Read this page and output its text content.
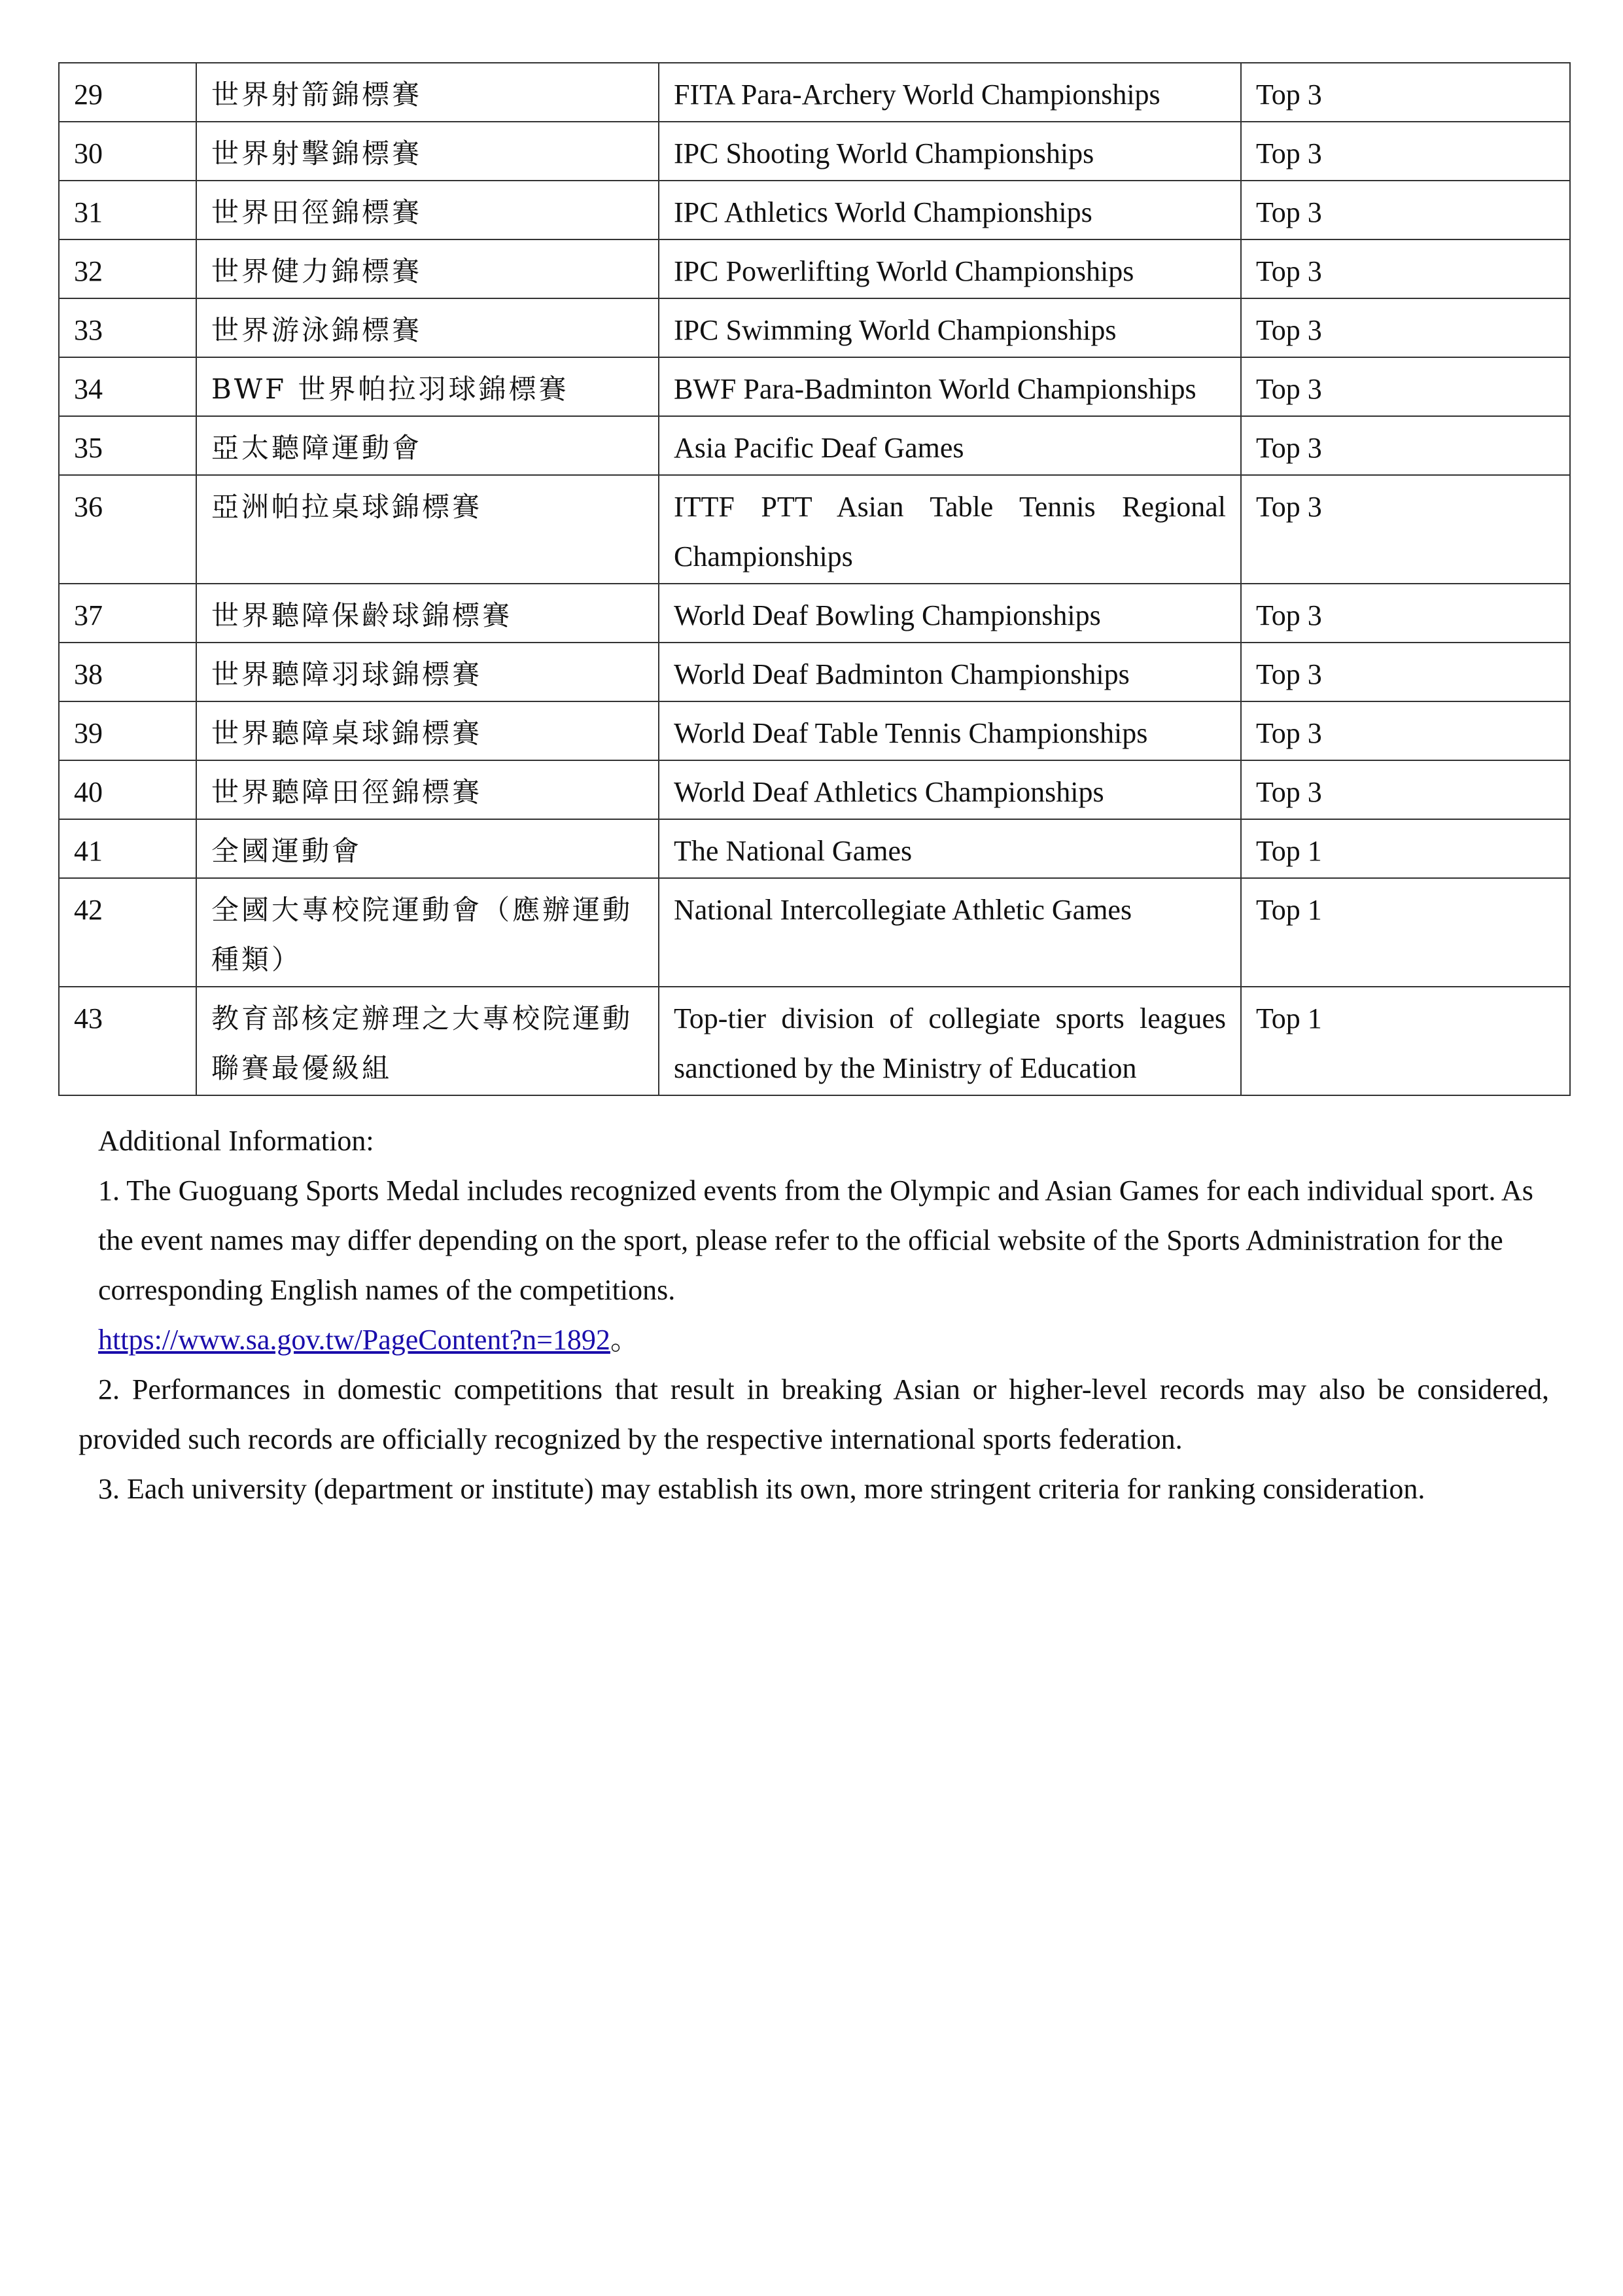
29	世界射箭錦標賽	FITA Para-Archery World Championships	Top 3
30	世界射擊錦標賽	IPC Shooting World Championships	Top 3
31	世界田徑錦標賽	IPC Athletics World Championships	Top 3
32	世界健力錦標賽	IPC Powerlifting World Championships	Top 3
33	世界游泳錦標賽	IPC Swimming World Championships	Top 3
34	BWF 世界帕拉羽球錦標賽	BWF Para-Badminton World Championships	Top 3
35	亞太聽障運動會	Asia Pacific Deaf Games	Top 3
36	亞洲帕拉桌球錦標賽	ITTF PTT Asian Table Tennis Regional Championships	Top 3
37	世界聽障保齡球錦標賽	World Deaf Bowling Championships	Top 3
38	世界聽障羽球錦標賽	World Deaf Badminton Championships	Top 3
39	世界聽障桌球錦標賽	World Deaf Table Tennis Championships	Top 3
40	世界聽障田徑錦標賽	World Deaf Athletics Championships	Top 3
41	全國運動會	The National Games	Top 1
42	全國大專校院運動會（應辦運動種類）	National Intercollegiate Athletic Games	Top 1
43	教育部核定辦理之大專校院運動聯賽最優級組	Top-tier division of collegiate sports leagues sanctioned by the Ministry of Education	Top 1

Additional Information:

1. The Guoguang Sports Medal includes recognized events from the Olympic and Asian Games for each individual sport. As the event names may differ depending on the sport, please refer to the official website of the Sports Administration for the corresponding English names of the competitions.
https://www.sa.gov.tw/PageContent?n=1892。

2. Performances in domestic competitions that result in breaking Asian or higher-level records may also be considered, provided such records are officially recognized by the respective international sports federation.

3. Each university (department or institute) may establish its own, more stringent criteria for ranking consideration.
